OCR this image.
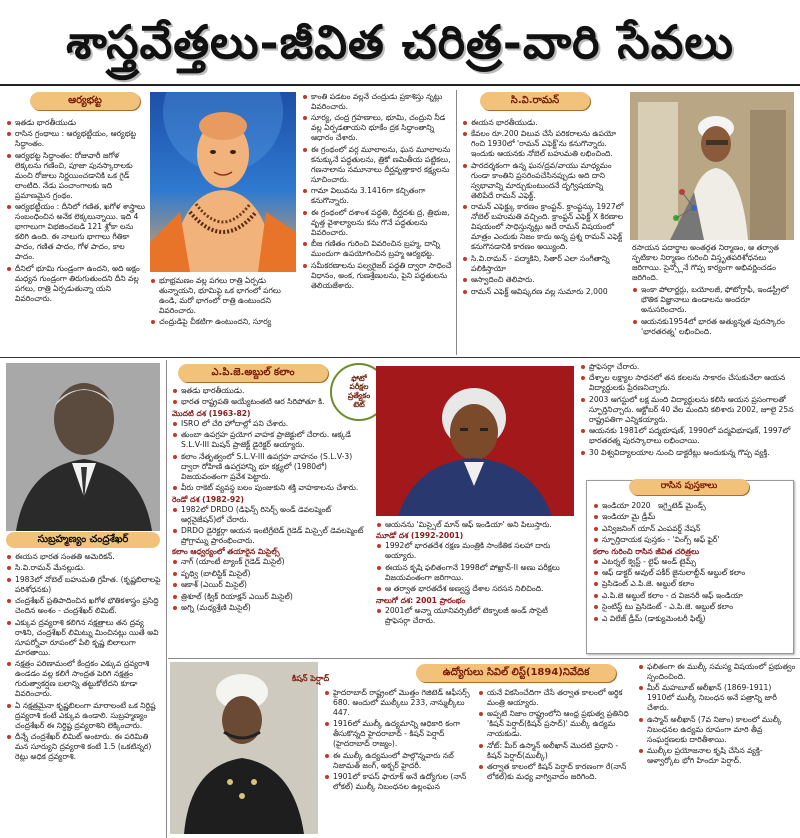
శాస్త్రవేత్తలు-జీవిత చరిత్ర-వారి సేవలు
ఆర్యభట్ట
ఇతడు భారతీయుడు
రాసిన గ్రంథాలు : ఆర్యభట్టీయం, ఆర్యభట్ట సిద్ధాంతం.
ఆర్యభట్ట సిద్ధాంతం: రోజువారీ జగోళ లెక్కలను గణించి, పూజా పునస్కారాలకు మంచి రోజులు నిర్ణయించడానికి ఒక గైడ్ లాంటిది. నేడు పంచాంగాలకు ఇది ప్రమాణమైన గ్రంథం.
ఆర్యభట్టీయం : దీనిలో గణిత, ఖగోళ శాస్త్రాలు సంబంధించిన అనేక లెక్కలున్నాయి. ఇది 4 భాగాలుగా విభజించబడి 121 శ్లోకా లను కలిగి ఉంది. ఈ నాలుగు భాగాలు గీతికా పాదం, గణిత పాదం, గోళ పాదం, కాల పాదం.
దీనిలో భూమి గుండ్రంగా ఉందని, అది అక్షం మధ్యన గుండ్రంగా తిరుగుతుందని దీని వల్ల పగలు, రాత్రి ఏర్పడుతున్నా యని వివరించారు.
భూభ్రమణం వల్ల పగలు రాత్రి ఏర్పడు తున్నాయని, భూమిపై ఒక భాగంలో పగలు ఉండి, మరో భాగంలో రాత్రి ఉంటుందని వివరించారు.
చంద్రుడిపై చీకటిగా ఉంటుందని, సూర్య
కాంతి పడటం వల్లనే చంద్రుడు ప్రకాశిస్తు న్నట్లు వివరించారు.
సూర్య, చంద్ర గ్రహణాలు, భూమి, చంద్రుని నీడ వల్ల ఏర్పడతాయని భూకేం ద్రక సిద్ధాంతాన్ని ఆధారం చేశారు.
ఈ గ్రంథంలో వర్గ మూలాలను, ఘన మూలాలను కనుక్కునే పద్ధతులను, త్రికో ణమితీయ పట్టికలు, గణనాలాను నమూనాలు దీర్ఘవృత్తాకార కక్ష్యలను సూచించారు.
గామా విలువను 3.1416గా కచ్చితంగా కనుగొన్నారు.
ఈ గ్రంథంలో దశాంశ పద్ధతి, దీర్ఘదశు ద్ర, త్రిభుజ, వృత్త వైశాల్యాలను కను గొనే పద్ధతులను వివరించారు.
బీజ గణితం గురించి వివరించిన బ్రహ్మ, దాన్ని ముందుగా ఉపయోగించిన బ్రహ్మ ఆర్యభట్ట.
సమీకరణాలను పల్వరైజర్ పద్ధతి ద్వారా సాధించే విధానం, అంక, గుణశ్రేణులను, పైని పద్ధతులను తెలియజేశారు.
సి.వి.రామన్
ఈయన భారతీయుడు.
కేవలం రూ.200 విలువ చేసే పరికరాలను ఉపయో గించి 1930లో 'రామన్ ఎఫెక్ట్'ను కనుగొన్నారు. ఇందుకు ఆయనకు నోబెల్ బహుమతి లభించింది.
పారదర్శకంగా ఉన్న ఘన/ద్రవ/వాయు మాధ్యమం గుండా కాంతిని ప్రసరింపచేసినప్పుడు అది దాని స్వభావాన్ని మార్చుకుంటుందనే దృగ్విషయాన్ని తెలిపేదే రామన్ ఎఫెక్ట్.
రామన్ ఎఫెక్ట్కు కారణం క్రాంప్టన్. క్రాంప్టన్కు 1927లో నోబెల్ బహుమతి వచ్చింది. క్రాంప్టన్ ఎఫెక్ట్ X కిరణాల విషయంలో సాధిస్తున్నట్లు అదే రామన్ విషయంలో మాత్రం ఎందుకు నిజం కాదు అన్న ప్రశ్న రామన్ ఎఫెక్ట్ కనుగొనడానికి కారణం అయ్యింది.
సి.వి.రామన్ - పద్మాకిని, సితార్ ఎలా సంగీతాన్ని పలికిస్తాయో
ఆస్వాదించి తెలిపారు.
రామన్ ఎఫెక్ట్ ఆవిష్కరణ వల్ల సుమారు 2,000

రసాయన పదార్థాల అంతర్గత నిర్మాణం, ఆ తర్వాత స్ఫటికాల నిర్మాణం గురించి విస్తృతపరిశోధనలు జరిగాయి. సైన్స్లోనే గొప్ప కార్యంగా అభివర్ణించడం జరిగింది.

ఇంకా పోలార్జర్లు, బయోలజీ, ఫోటోగ్రాఫీ, ఇండస్ట్రీలో భౌతిక విజ్ఞానాలు ఉండాలను అందరూ అనుసరించారు.
ఆయనకు1954లో భారత అత్యున్నత పురస్కారం 'భారతరత్న' లభించింది.
సుబ్రహ్మణ్యం చంద్రశేఖర్
ఈయన భారత సంతతి అమెరికన్.
సి.వి.రామన్ మేనల్లుడు.
1983లో నోబెల్ బహుమతి గ్రహీత. (కృష్ణబిలాలపై పరిశోధనకు)
చంద్రశేఖర్ ప్రతిపాదించిన ఖగోళ భౌతికశాస్త్రం ప్రసిద్ధి చెందిన అంశం - చంద్రశేఖర్ లిమిట్.
ఎక్కువ ద్రవ్యరాశి కలిగిన నక్షత్రాలు తన ద్రవ్య రాశిని, చంద్రశేఖర్ లిమిట్ను మించినట్లు యితే అవి సూపర్నోవా రూపంలో పేలి కృష్ణ బిలాలుగా మారతాయి.
నక్షత్రం పరిణామంలో కేంద్రకం ఎక్కువ ద్రవ్యరాశి ఉండడం వల్ల కలిగే సాంద్రత పెరిగి నక్షత్రం గురుత్వాకర్షణ బలాన్ని తట్టుకోలేదని కూడా వివరించారు.
ఏ నక్షత్రమైనా కృష్ణబిలంగా మారాలంటే ఒక నిర్దిష్ట ద్రవ్యరాశి కంటే ఎక్కువ ఉండాలి. సుబ్రహ్మణ్యం చంద్రశేఖర్ ఈ నిర్దిష్ట ద్రవ్యరాశిని లెక్కించారు.
దీన్నే చంద్రశేఖర్ లిమిట్ అంటారు. ఈ పరిమితి మన సూర్యుని ద్రవ్యరాశి కంటే 1.5 (ఒకటిన్నర) రెట్లు అధిక ద్రవ్యరాశి.
ఎ.పి.జె.అబ్దుల్ కలాం	ఫోటో
పరీక్షల
ప్రత్యేకం
టెట్
ఇతడు భారతీయుడు.
భారత రాష్ట్రపతి అయ్యేటంతటి ఆర సిరిపోతూ కి.
మొదటి దశ (1963-82)
ISRO లో చేరి హోదాల్లో పని చేశారు.
తుంబా ఉపగ్రహ ప్రయోగ వాహక ప్రాజెక్టులో చేరారు. ఆక్కడే S.L.V-III మిషన్ ప్రాజెక్ట్ డైరెక్టర్ అయ్యారు.
కలాం నేతృత్వంలో S.L.V-III ఉపగ్రహ వాహనం (S.L.V-3) ద్వారా రోహిణి ఉపగ్రహాన్ని భూ కక్ష్యలో (1980లో) విజయవంతంగా ప్రవేశ పెట్టారు.
వీరు రాకెట్ వ్యవస్థ బలం పుంజుకుని శక్తి వాహకాలను చేశారు.
రెండో దశ (1982-92)
1982లో DRDO (డిఫెన్స్ రిసెర్చ్ అండ్ డెవలప్మెంట్ ఆర్గనైజేషన్)లో చేరారు.
DRDO డైరెక్టర్గా ఆయన ఇంటిగ్రేటెడ్ గైడెడ్ మిస్సైల్ డెవలప్మెంట్ ప్రోగ్రామ్ను ప్రారంభించారు.
కలాం ఆధ్వర్యంలో తయారైన మిసైల్స్
నాగ్ (యాంటీ ట్యాంక్ గైడెడ్ మిసైల్)
పృథ్వి (బాలిస్టిక్ మిసైల్)
ఆకాశ్ (ఎయిర్ మిసైల్)
త్రిశూల్ (క్విక్ రియాక్షన్ ఎయిర్ మిసైల్)
అగ్ని (మధ్యశ్రేణి మిసైల్)
ఆయనను 'మిస్సైల్ మాన్ ఆఫ్ ఇండియా' అని పిలుస్తారు.
మూడో దశ (1992-2001)
1992లో భారతదేశ రక్షణ మంత్రికి సాంకేతిక సలహా దారు అయ్యారు.
ఈయన కృషి ఫలితంగానే 1998లో పోఖ్రాన్-II అణు పరీక్షలు విజయవంతంగా జరిగాయి.
ఆ తర్వాత భారతదేశ అణ్వస్త్ర దేశాల సరసన నిలిచింది.
నాలుగో దశ: 2001 ప్రారంభం
2001లో అన్నా యూనివర్సిటీలో టెక్నాలజీ అండ్ సొసైటీ ప్రొఫెసర్గా చేరారు.
ప్రొఫెసర్గా చేరారు.
దేశ్ళాల లక్ష్యాల సాధనలో తన కలలను సాకారం చేసుకునేలా ఆయన విద్యార్థులకు ప్రేరణనిచ్చారు.
2003 ఆగస్టులో లక్ష మంది విద్యార్థులను కలిసి ఆయన ప్రసంగాలతో స్ఫూర్తినిచ్చారు. ఆక్టోబర్ 40 వేల మందిని కలిశారు 2002, జూలై 25న రాష్ట్రపతిగా ఎన్నికయ్యారు.
ఆయనకు 1981లో పద్మభూషణ్, 1990లో పద్మవిభూషణ్, 1997లో భారతరత్న పురస్కారాలు లభించాయి.
30 విశ్వవిద్యాలయాల నుంచి డాక్టరేట్లు అందుకున్న గొప్ప వ్యక్తి.
రాసిన పుస్తకాలు
ఇండియా 2020 ఇగ్నైటెడ్ మైండ్స్
ఇండియా మై డ్రీమ్
ఎన్విజనింగ్ యాన్ ఎంపవర్డ్ నేషన్
స్ఫూర్తిదాయక పుస్తకం - 'వింగ్స్ ఆఫ్ ఫైర్'
కలాం గురించి రాసిన జీవిత చరిత్రలు
ఎటర్నల్ క్వెస్ట్ - లైఫ్ అండ్ టైమ్స్
ఆఫ్ డాక్టర్ అవుల్ పకీర్ జైనులాబ్దీన్ అబ్దుల్ కలాం
ప్రెసిడెంట్ ఎ.పి.జె. అబ్దుల్ కలాం
ఎ.పి.జె అబ్దుల్ కలాం - ద విజనరీ ఆఫ్ ఇండియా
సైంటిస్ట్ టు ప్రెసిడెంట్ - ఎ.పి.జె. అబ్దుల్ కలాం
ఎ విలేజ్ డ్రీమ్ (డాక్యుమెంటరీ ఫిల్మ్)
కిషన్ పెర్షాద్
ఉద్యోగులు సివిల్ లిస్ట్(1894)నివేదిక
హైదరాబాద్ రాష్ట్రంలో మొత్తం గెజిటెడ్ ఆఫీసర్స్ 680. అందులో ముల్కీలు 233, నాన్ముల్కీలు 447.
1916లో ముల్కీ ఉద్యమాన్ని ఆధికారి కంగా తీసుకొన్నది హైదరాబాద్ - కిషన్ పెర్షాద్ (హైదరాబాద్ రాజ్యం).
ఈ ముల్కీ ఉద్యమంలో పాల్గొన్నవారు నబ్ నిజామత్ జంగ్, అక్బర్ హైదరీ.
1901లో కాపస్ ఫారూక్ అనే ఉద్యోగుల (నాన్ లోకల్) ముల్కీ నిబంధనల ఉల్లంఘన
యనే వికసించేదిగా చేసే తర్వాత కాలంలో అర్థిక మంత్రి అయ్యారు.
అప్పటి నిజాం రాష్ట్రంలోని ఆంధ్ర ప్రభుత్వ ప్రతినిధి 'కిషన్ పెర్షాద్(కిషన్ ప్రసాద్)' ముల్కీ ఉద్యమ నాయకుడు.
నోట్: మీర్ ఉస్మాన్ అలీఖాన్ మొదటి ప్రధాని - కిషన్ పెర్షాద్(ముల్కీ)
తర్వాత కాలంలో కిషన్ పెర్షాద్ కారణంగా రే(నాన్ లోకల్)కు మధ్య వాగ్వివాదం జరిగింది.
ఫలితంగా ఈ ముల్కీ సమస్య విషయంలో ప్రభుత్వం స్పందించింది.
మీర్ మహబూబ్ ఆలీఖాన్ (1869-1911) 1910లో ముల్కీ నిబంధన అనే పత్రాన్ని జారీ చేశారు.
ఉస్మాన్ అలీఖాన్ (7వ నిజాం) కాలంలో ముల్కీ నిబంధనల ఉద్యమ రూపంగా మారి తీవ్ర సంఘర్షణలకు దారితీశాయి.
ముల్కీల ప్రయోజనాల కృషి చేసిన వ్యక్తి- ఆళ్వార్కోట భోగి హిందూ పెర్షాద్.
